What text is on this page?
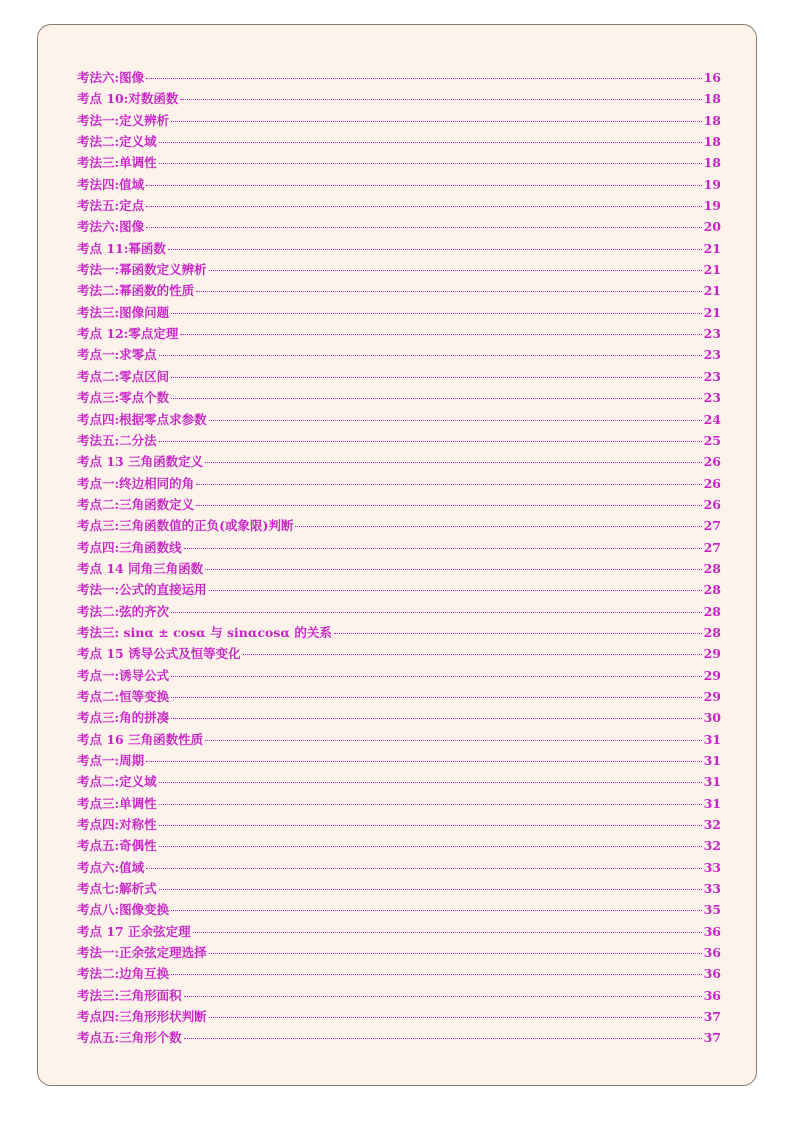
考法六:图像	16
考点 10:对数函数	18
考法一:定义辨析	18
考法二:定义域	18
考法三:单调性	18
考法四:值域	19
考法五:定点	19
考法六:图像	20
考点 11:幂函数	21
考法一:幂函数定义辨析	21
考法二:幂函数的性质	21
考法三:图像问题	21
考点 12:零点定理	23
考点一:求零点	23
考点二:零点区间	23
考点三:零点个数	23
考点四:根据零点求参数	24
考法五:二分法	25
考点 13 三角函数定义	26
考点一:终边相同的角	26
考点二:三角函数定义	26
考点三:三角函数值的正负(或象限)判断	27
考点四:三角函数线	27
考点 14 同角三角函数	28
考法一:公式的直接运用	28
考法二:弦的齐次	28
考法三: sinα ± cosα 与 sinαcosα 的关系	28
考点 15 诱导公式及恒等变化	29
考点一:诱导公式	29
考点二:恒等变换	29
考点三:角的拼凑	30
考点 16 三角函数性质	31
考点一:周期	31
考点二:定义域	31
考点三:单调性	31
考点四:对称性	32
考点五:奇偶性	32
考点六:值域	33
考点七:解析式	33
考点八:图像变换	35
考点 17 正余弦定理	36
考法一:正余弦定理选择	36
考法二:边角互换	36
考法三:三角形面积	36
考点四:三角形形状判断	37
考点五:三角形个数	37
